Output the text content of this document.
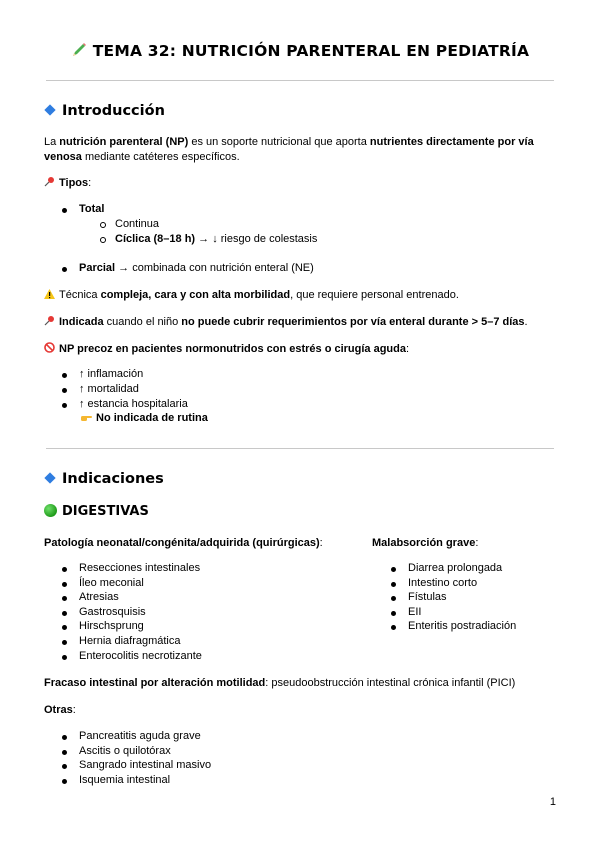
TEMA 32: NUTRICIÓN PARENTERAL EN PEDIATRÍA
Introducción
La nutrición parenteral (NP) es un soporte nutricional que aporta nutrientes directamente por vía
venosa mediante catéteres específicos.
Tipos:
Total
Continua
Cíclica (8–18 h) → ↓ riesgo de colestasis
Parcial → combinada con nutrición enteral (NE)
Técnica compleja, cara y con alta morbilidad, que requiere personal entrenado.
Indicada cuando el niño no puede cubrir requerimientos por vía enteral durante > 5–7 días.
NP precoz en pacientes normonutridos con estrés o cirugía aguda:
↑ inflamación
↑ mortalidad
↑ estancia hospitalaria
No indicada de rutina
Indicaciones
DIGESTIVAS
Patología neonatal/congénita/adquirida (quirúrgicas):
Resecciones intestinales
Íleo meconial
Atresias
Gastrosquisis
Hirschsprung
Hernia diafragmática
Enterocolitis necrotizante
Malabsorción grave:
Diarrea prolongada
Intestino corto
Fístulas
EII
Enteritis postradiación
Fracaso intestinal por alteración motilidad: pseudoobstrucción intestinal crónica infantil (PICI)
Otras:
Pancreatitis aguda grave
Ascitis o quilotórax
Sangrado intestinal masivo
Isquemia intestinal
1
